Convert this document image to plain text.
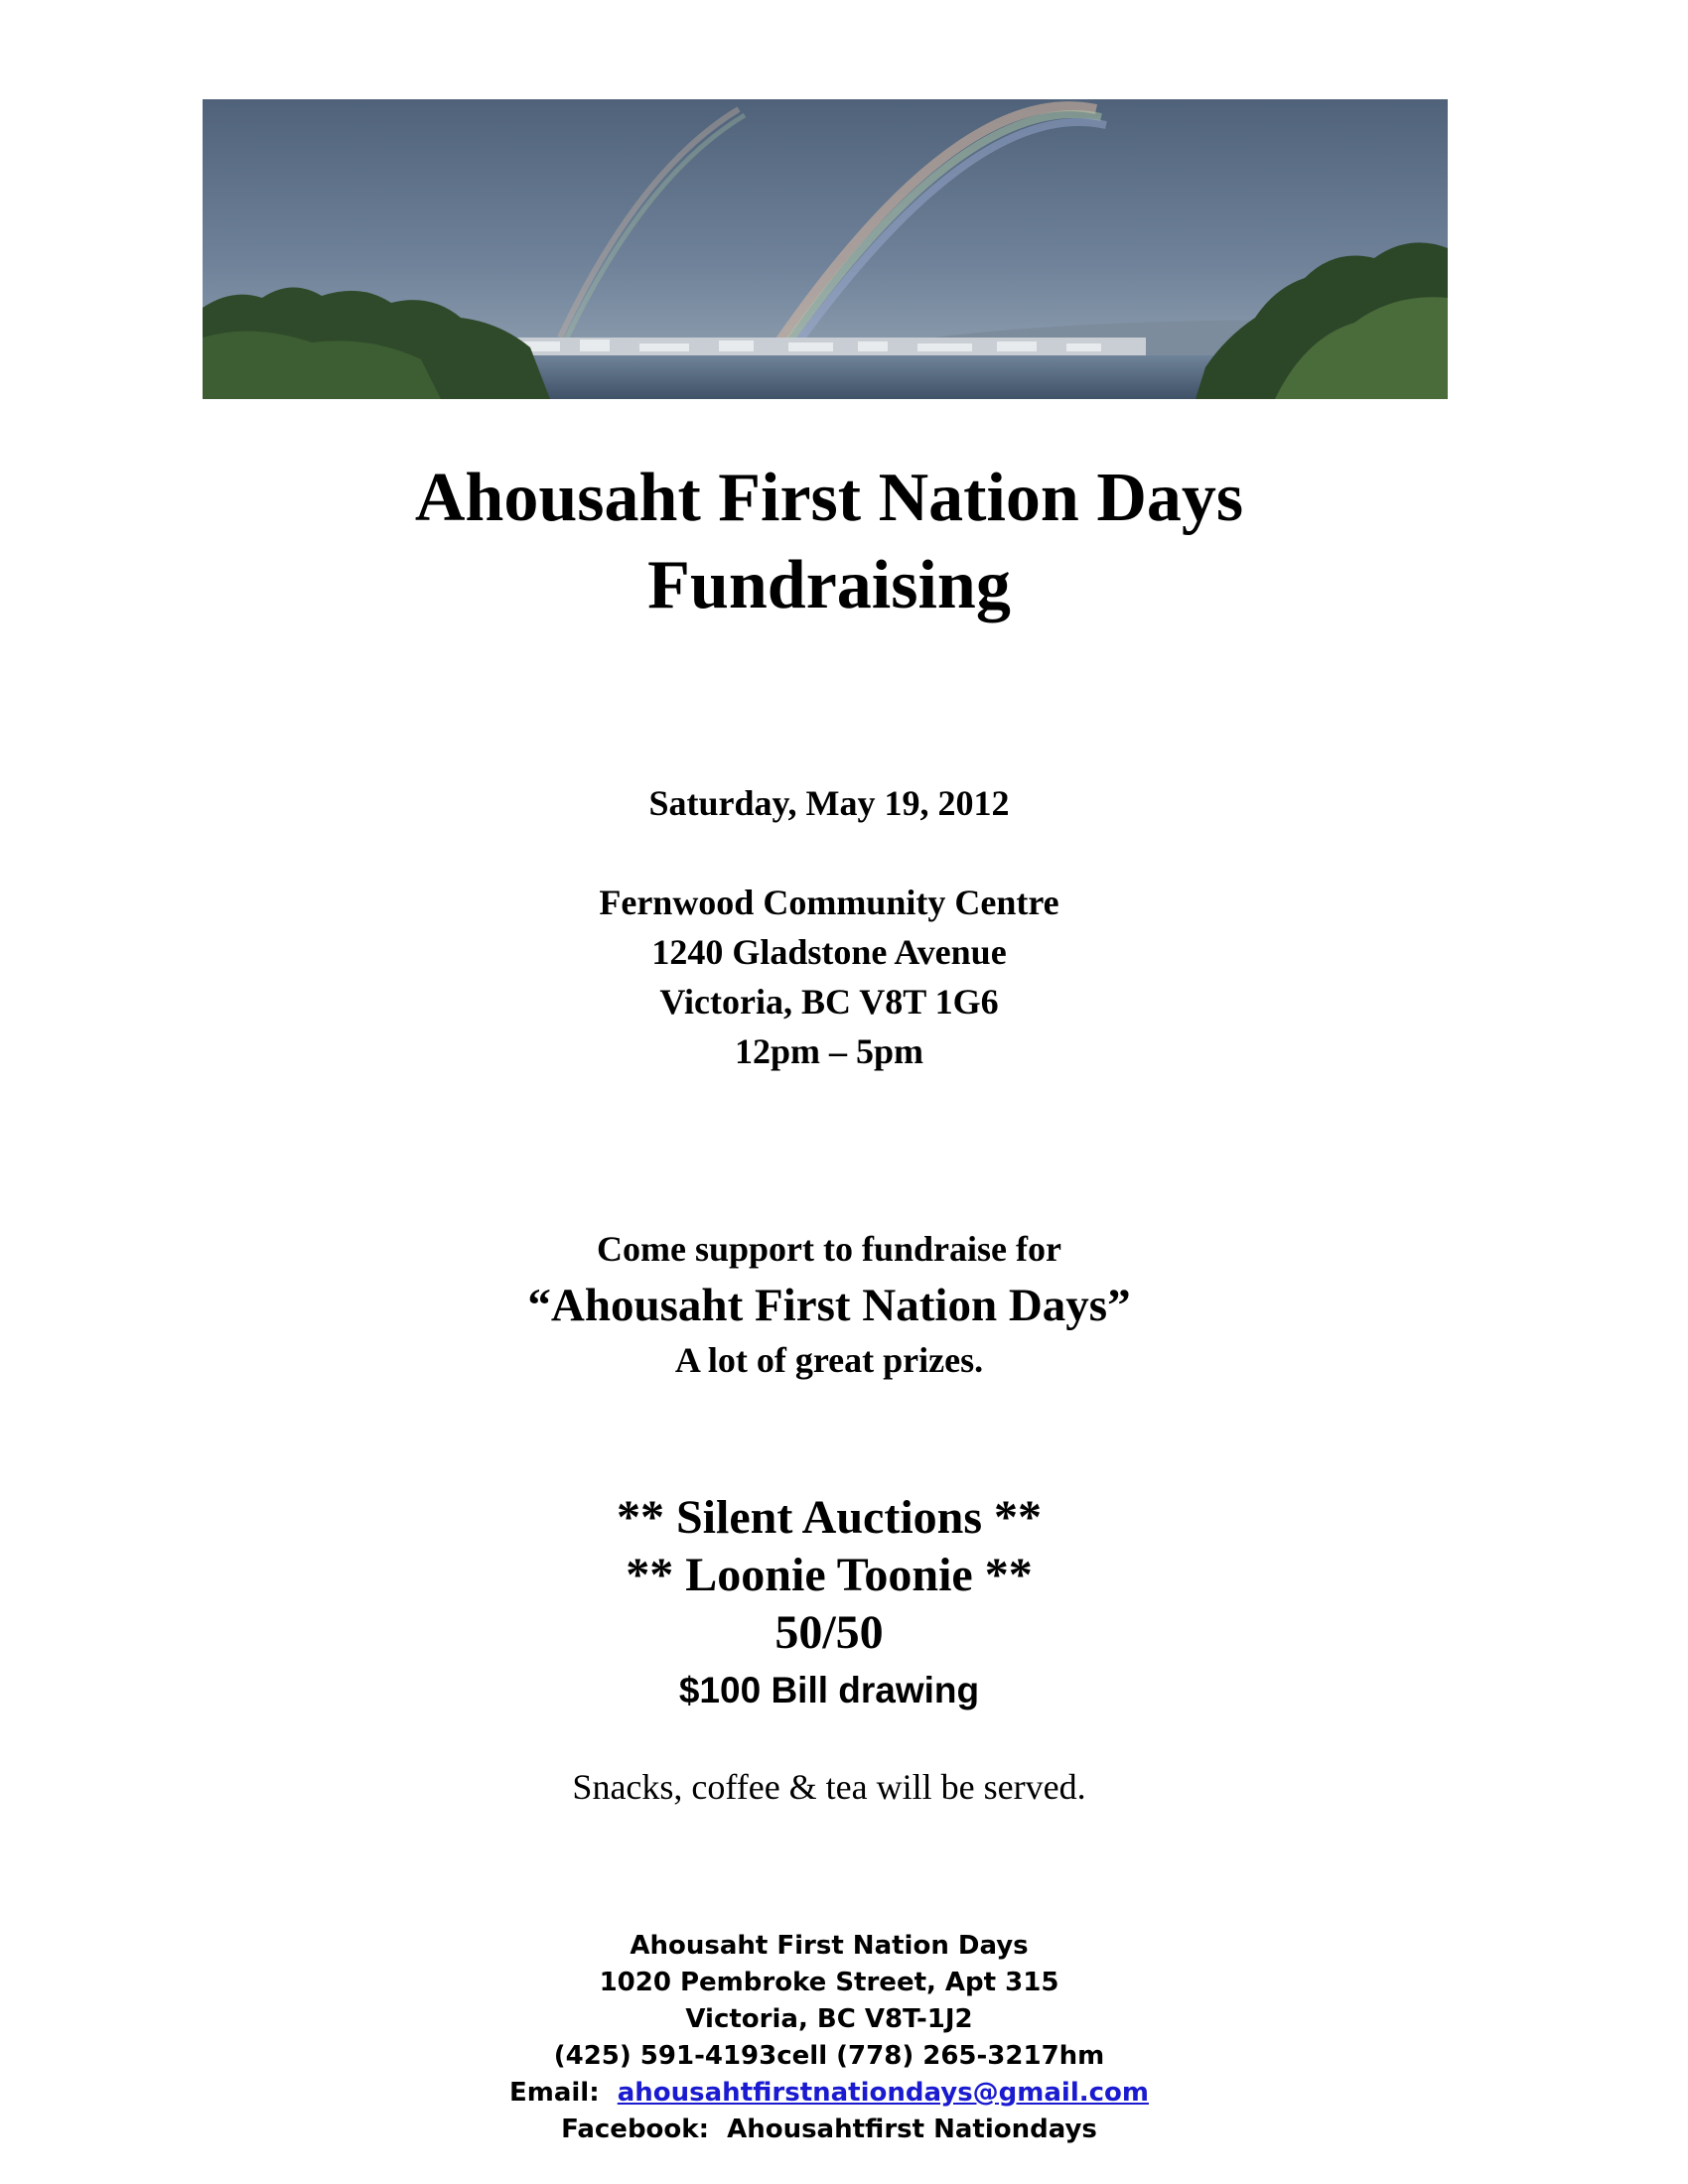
Ahousaht First Nation Days
Fundraising
Saturday, May 19, 2012
Fernwood Community Centre
1240 Gladstone Avenue
Victoria, BC V8T 1G6
12pm – 5pm
Come support to fundraise for
“Ahousaht First Nation Days”
A lot of great prizes.
** Silent Auctions **
** Loonie Toonie **
50/50
$100 Bill drawing
Snacks, coffee & tea will be served.
Ahousaht First Nation Days
1020 Pembroke Street, Apt 315
Victoria, BC V8T-1J2
(425) 591-4193cell (778) 265-3217hm
Email: ahousahtfirstnationdays@gmail.com
Facebook: Ahousahtfirst Nationdays
